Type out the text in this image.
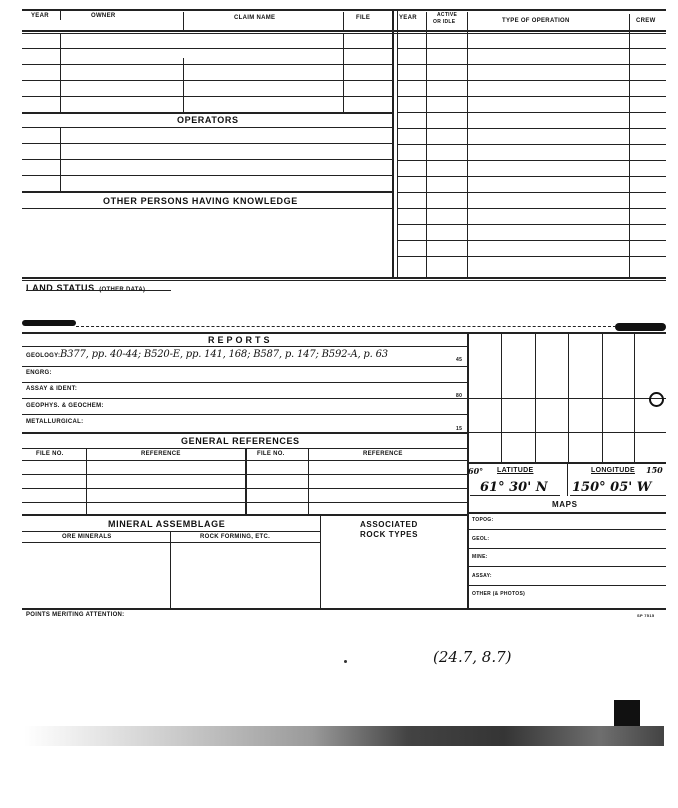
YEAR	OWNER	CLAIM NAME	FILE	YEAR	ACTIVE
OR IDLE	TYPE OF OPERATION	CREW
OPERATORS
OTHER PERSONS HAVING KNOWLEDGE
LAND STATUS (OTHER DATA)
REPORTS
GEOLOGY: B377, pp. 40-44; B520-E, pp. 141, 168; B587, p. 147; B592-A, p. 63	45
ENGRG:
ASSAY & IDENT:
80
GEOPHYS. & GEOCHEM:
METALLURGICAL:
15
GENERAL REFERENCES
FILE NO.	REFERENCE	FILE NO.	REFERENCE
MINERAL ASSEMBLAGE	ASSOCIATED
ROCK TYPES
ORE MINERALS	ROCK FORMING, ETC.
POINTS MERITING ATTENTION:	SP 7515
60° LATITUDE	LONGITUDE 150
61° 30' N 150° 05' W
MAPS
TOPOG:
GEOL:
MINE:
ASSAY:
OTHER (& PHOTOS)
(24.7, 8.7)
